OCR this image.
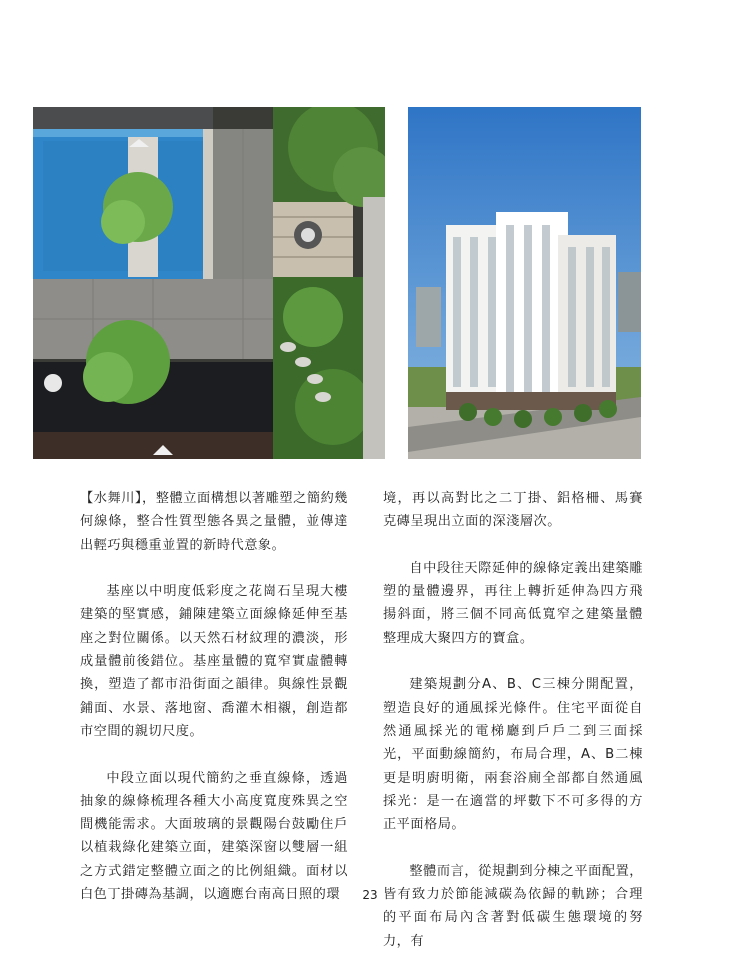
【水舞川】，整體立面構想以著雕塑之簡約幾何線條，整合性質型態各異之量體，並傳達出輕巧與穩重並置的新時代意象。

基座以中明度低彩度之花崗石呈現大樓建築的堅實感，鋪陳建築立面線條延伸至基座之對位關係。以天然石材紋理的濃淡，形成量體前後錯位。基座量體的寬窄實虛體轉換，塑造了都市沿街面之韻律。與線性景觀鋪面、水景、落地窗、喬灌木相襯，創造都市空間的親切尺度。

中段立面以現代簡約之垂直線條，透過抽象的線條梳理各種大小高度寬度殊異之空間機能需求。大面玻璃的景觀陽台鼓勵住戶以植栽綠化建築立面，建築深窗以雙層一組之方式錯定整體立面之的比例組織。面材以白色丁掛磚為基調，以適應台南高日照的環

境，再以高對比之二丁掛、鋁格柵、馬賽克磚呈現出立面的深淺層次。

自中段往天際延伸的線條定義出建築雕塑的量體邊界，再往上轉折延伸為四方飛揚斜面，將三個不同高低寬窄之建築量體整理成大聚四方的寶盒。

建築規劃分A、B、C三棟分開配置，塑造良好的通風採光條件。住宅平面從自然通風採光的電梯廳到戶戶二到三面採光，平面動線簡約，布局合理，A、B二棟更是明廚明衛，兩套浴廁全部都自然通風採光：是一在適當的坪數下不可多得的方正平面格局。

整體而言，從規劃到分棟之平面配置，皆有致力於節能減碳為依歸的軌跡；合理的平面布局內含著對低碳生態環境的努力，有

23
